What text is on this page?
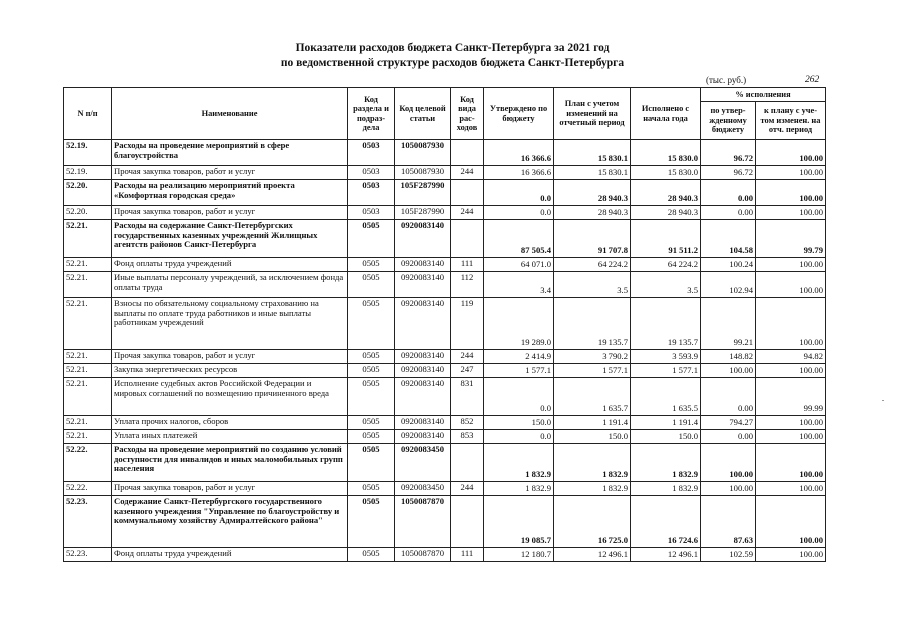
Показатели расходов бюджета Санкт-Петербурга за 2021 год
по ведомственной структуре расходов бюджета Санкт-Петербурга
(тыс. руб.)	262
N п/п	Наименование	Код раздела и подраз-дела	Код целевой статьи	Код вида рас-ходов	Утверждено по бюджету	План с учетом изменений на отчетный период	Исполнено с начала года	% исполнения	
								по утвер-жденному бюджету	к плану с уче-том изменен. на отч. период
52.19.	Расходы на проведение мероприятий в сфере благоустройства	0503	1050087930		16 366.6	15 830.1	15 830.0	96.72	100.00
52.19.	Прочая закупка товаров, работ и услуг	0503	1050087930	244	16 366.6	15 830.1	15 830.0	96.72	100.00
52.20.	Расходы на реализацию мероприятий проекта «Комфортная городская среда»	0503	105F287990		0.0	28 940.3	28 940.3	0.00	100.00
52.20.	Прочая закупка товаров, работ и услуг	0503	105F287990	244	0.0	28 940.3	28 940.3	0.00	100.00
52.21.	Расходы на содержание Санкт-Петербургских государственных казенных учреждений Жилищных агентств районов Санкт-Петербурга	0505	0920083140		87 505.4	91 707.8	91 511.2	104.58	99.79
52.21.	Фонд оплаты труда учреждений	0505	0920083140	111	64 071.0	64 224.2	64 224.2	100.24	100.00
52.21.	Иные выплаты персоналу учреждений, за исключением фонда оплаты труда	0505	0920083140	112	3.4	3.5	3.5	102.94	100.00
52.21.	Взносы по обязательному социальному страхованию на выплаты по оплате труда работников и иные выплаты работникам учреждений	0505	0920083140	119	19 289.0	19 135.7	19 135.7	99.21	100.00
52.21.	Прочая закупка товаров, работ и услуг	0505	0920083140	244	2 414.9	3 790.2	3 593.9	148.82	94.82
52.21.	Закупка энергетических ресурсов	0505	0920083140	247	1 577.1	1 577.1	1 577.1	100.00	100.00
52.21.	Исполнение судебных актов Российской Федерации и мировых соглашений по возмещению причиненного вреда	0505	0920083140	831	0.0	1 635.7	1 635.5	0.00	99.99
52.21.	Уплата прочих налогов, сборов	0505	0920083140	852	150.0	1 191.4	1 191.4	794.27	100.00
52.21.	Уплата иных платежей	0505	0920083140	853	0.0	150.0	150.0	0.00	100.00
52.22.	Расходы на проведение мероприятий по созданию условий доступности для инвалидов и иных маломобильных групп населения	0505	0920083450		1 832.9	1 832.9	1 832.9	100.00	100.00
52.22.	Прочая закупка товаров, работ и услуг	0505	0920083450	244	1 832.9	1 832.9	1 832.9	100.00	100.00
52.23.	Содержание Санкт-Петербургского государственного казенного учреждения "Управление по благоустройству и коммунальному хозяйству Адмиралтейского района"	0505	1050087870		19 085.7	16 725.0	16 724.6	87.63	100.00
52.23.	Фонд оплаты труда учреждений	0505	1050087870	111	12 180.7	12 496.1	12 496.1	102.59	100.00
